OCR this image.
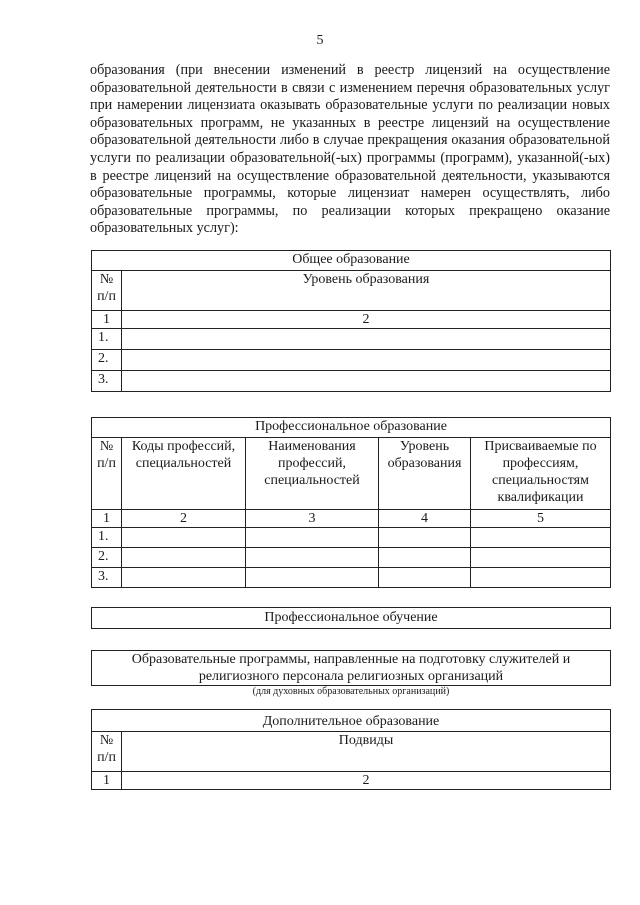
5

образования (при внесении изменений в реестр лицензий на осуществление образовательной деятельности в связи с изменением перечня образовательных услуг при намерении лицензиата оказывать образовательные услуги по реализации новых образовательных программ, не указанных в реестре лицензий на осуществление образовательной деятельности либо в случае прекращения оказания образовательной услуги по реализации образовательной(-ых) программы (программ), указанной(-ых) в реестре лицензий на осуществление образовательной деятельности, указываются образовательные программы, которые лицензиат намерен осуществлять, либо образовательные программы, по реализации которых прекращено оказание образовательных услуг):

Общее образование	
№ п/п	Уровень образования
1	2
1.	
2.	
3.	
Профессиональное образование				
№ п/п	Коды профессий, специальностей	Наименования профессий, специальностей	Уровень образования	Присваиваемые по профессиям, специальностям квалификации
1	2	3	4	5
1.				
2.				
3.				
Профессиональное обучение
Образовательные программы, направленные на подготовку служителей и религиозного персонала религиозных организаций
(для духовных образовательных организаций)
Дополнительное образование	
№ п/п	Подвиды
1	2
